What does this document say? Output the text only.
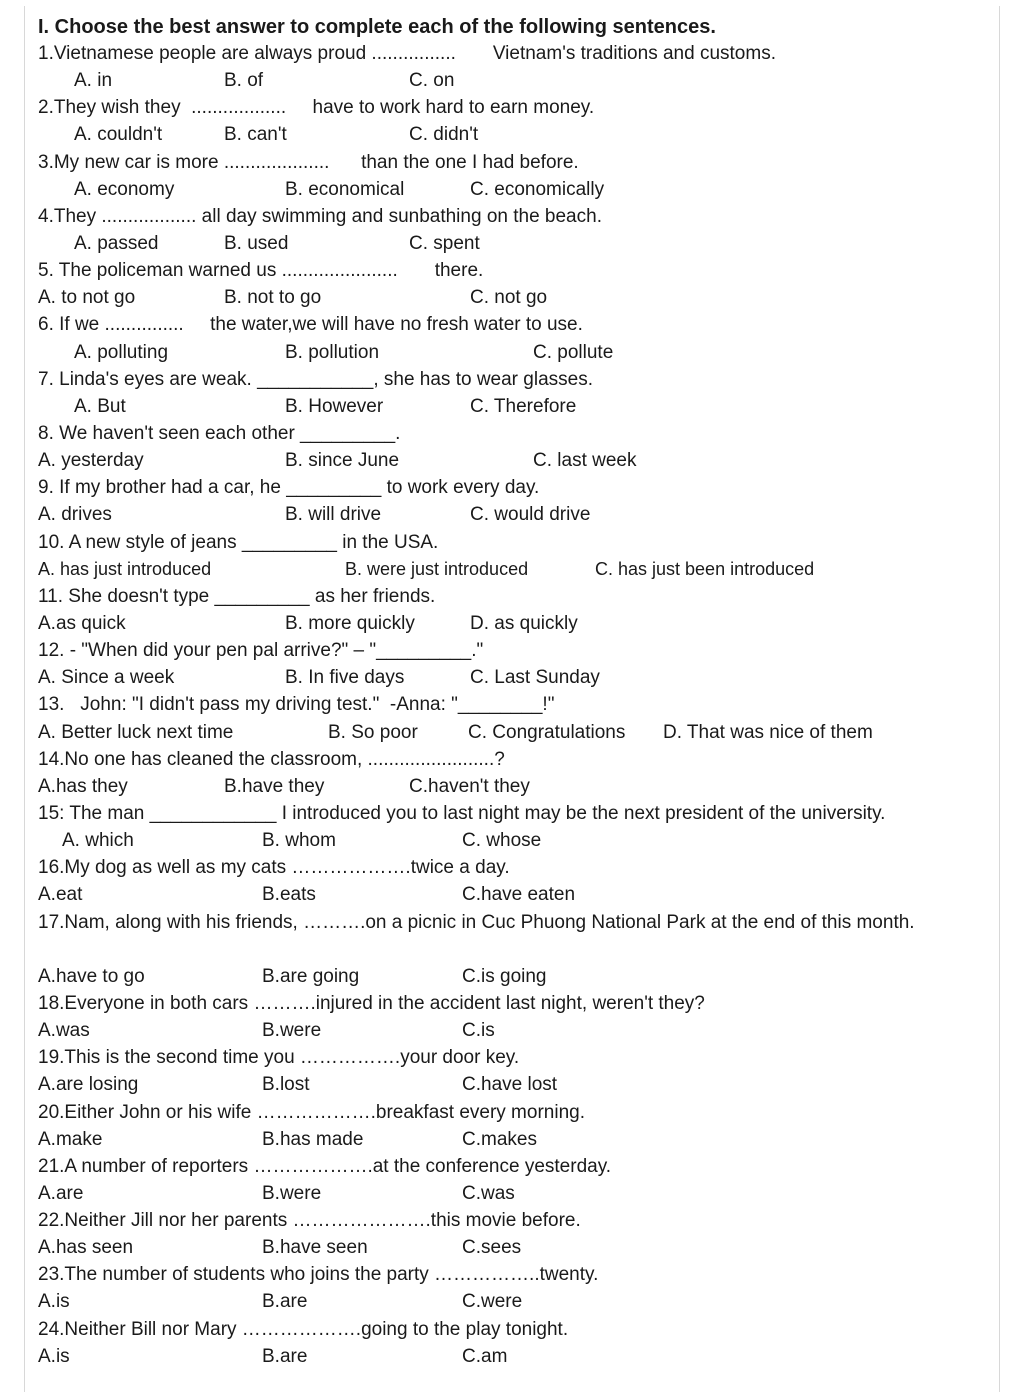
I. Choose the best answer to complete each of the following sentences.
1.Vietnamese people are always proud ................       Vietnam's traditions and customs.
A. in	B. of	C. on
2.They wish they  ..................     have to work hard to earn money.
A. couldn't	B. can't	C. didn't
3.My new car is more ....................      than the one I had before.
A. economy	B. economical	C. economically
4.They .................. all day swimming and sunbathing on the beach.
A. passed	B. used	C. spent
5. The policeman warned us ......................       there.
A. to not go	B. not to go	C. not go
6. If we ...............     the water,we will have no fresh water to use.
A. polluting	B. pollution	C. pollute
7. Linda's eyes are weak. ___________, she has to wear glasses.
A. But	B. However	C. Therefore
8. We haven't seen each other _________.
A. yesterday	B. since June	C. last week
9. If my brother had a car, he _________ to work every day.
A. drives	B. will drive	C. would drive
10. A new style of jeans _________ in the USA.
A. has just introduced	B. were just introduced	C. has just been introduced
11. She doesn't type _________ as her friends.
A.as quick	B. more quickly	D. as quickly
12. - "When did your pen pal arrive?" – "_________."
A. Since a week	B. In five days	C. Last Sunday
13.   John: "I didn't pass my driving test."  -Anna: "________!"
A. Better luck next time	B. So poor	C. Congratulations D. That was nice of them
14.No one has cleaned the classroom, ........................?
A.has they	B.have they	C.haven't they
15: The man ____________ I introduced you to last night may be the next president of the university.
A. which	B. whom	C. whose
16.My dog as well as my cats ……………….twice a day.
A.eat	B.eats	C.have eaten
17.Nam, along with his friends, ……….on a picnic in Cuc Phuong National Park at the end of this month.
A.have to go	B.are going	C.is going
18.Everyone in both cars ……….injured in the accident last night, weren't they?
A.was	B.were	C.is
19.This is the second time you …………….your door key.
A.are losing	B.lost	C.have lost
20.Either John or his wife ……………….breakfast every morning.
A.make	B.has made	C.makes
21.A number of reporters ……………….at the conference yesterday.
A.are	B.were	C.was
22.Neither Jill nor her parents ………………….this movie before.
A.has seen	B.have seen	C.sees
23.The number of students who joins the party ……………..twenty.
A.is	B.are	C.were
24.Neither Bill nor Mary ……………….going to the play tonight.
A.is	B.are	C.am
